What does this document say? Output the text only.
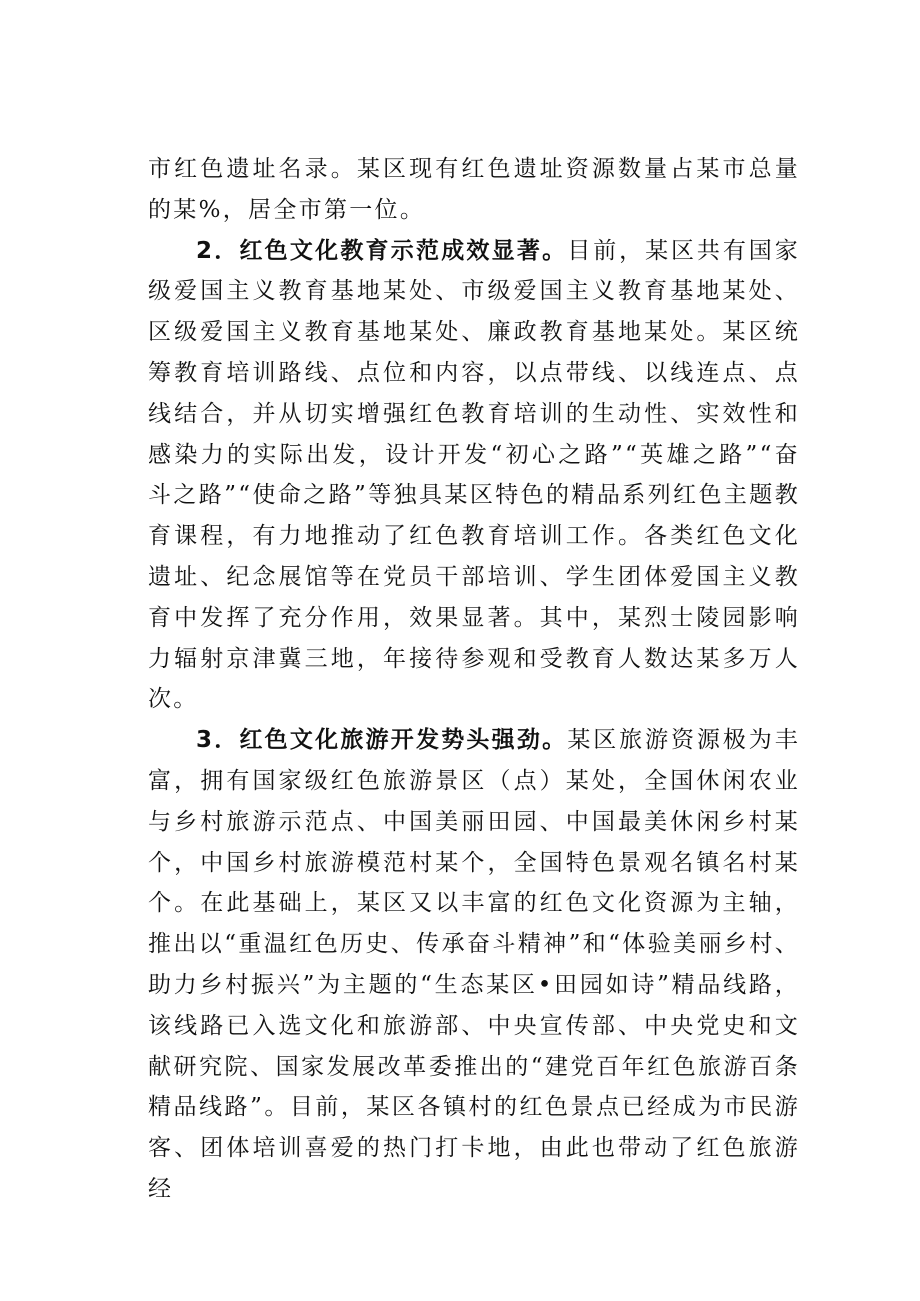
市红色遗址名录。某区现有红色遗址资源数量占某市总量的某%，居全市第一位。

2．红色文化教育示范成效显著。目前，某区共有国家级爱国主义教育基地某处、市级爱国主义教育基地某处、区级爱国主义教育基地某处、廉政教育基地某处。某区统筹教育培训路线、点位和内容，以点带线、以线连点、点线结合，并从切实增强红色教育培训的生动性、实效性和感染力的实际出发，设计开发“初心之路”“英雄之路”“奋斗之路”“使命之路”等独具某区特色的精品系列红色主题教育课程，有力地推动了红色教育培训工作。各类红色文化遗址、纪念展馆等在党员干部培训、学生团体爱国主义教育中发挥了充分作用，效果显著。其中，某烈士陵园影响力辐射京津冀三地，年接待参观和受教育人数达某多万人次。

3．红色文化旅游开发势头强劲。某区旅游资源极为丰富，拥有国家级红色旅游景区（点）某处，全国休闲农业与乡村旅游示范点、中国美丽田园、中国最美休闲乡村某个，中国乡村旅游模范村某个，全国特色景观名镇名村某个。在此基础上，某区又以丰富的红色文化资源为主轴，推出以“重温红色历史、传承奋斗精神”和“体验美丽乡村、助力乡村振兴”为主题的“生态某区•田园如诗”精品线路，该线路已入选文化和旅游部、中央宣传部、中央党史和文献研究院、国家发展改革委推出的“建党百年红色旅游百条精品线路”。目前，某区各镇村的红色景点已经成为市民游客、团体培训喜爱的热门打卡地，由此也带动了红色旅游经
